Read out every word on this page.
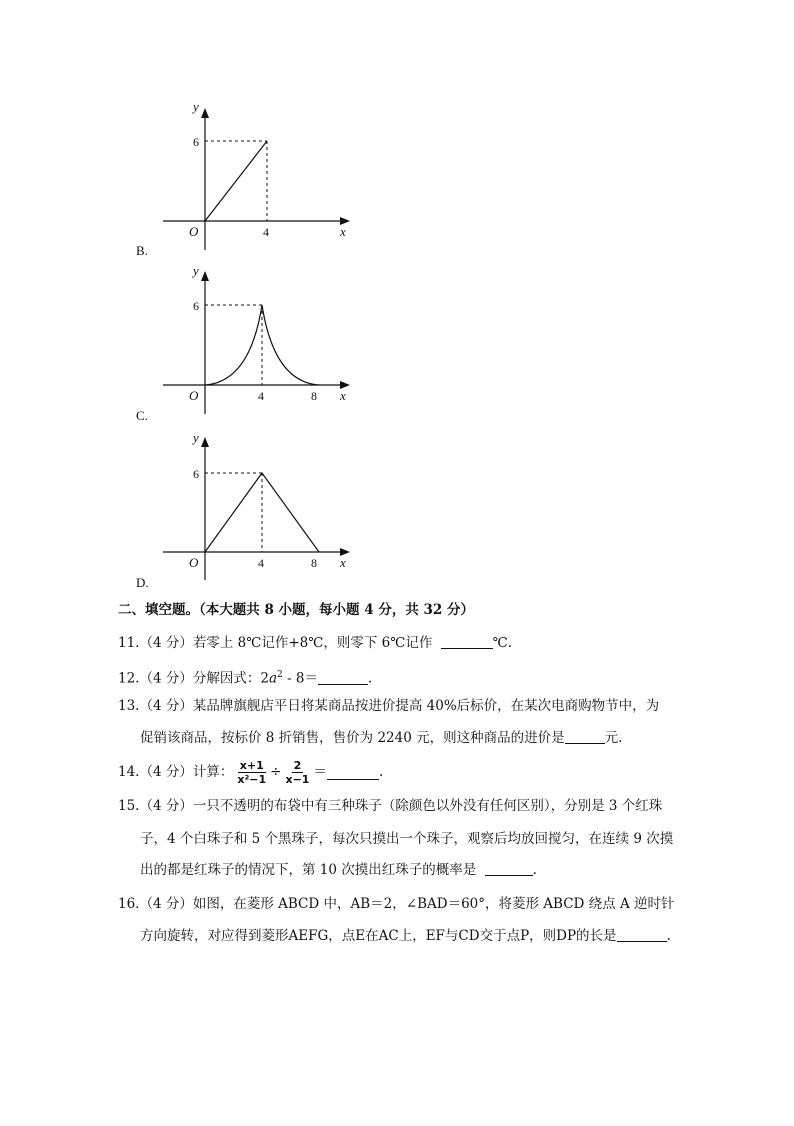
y
x
O
6
4
B.
y
x
O
6
4	8
C.
y
x
O
6
4	8
D.
二、填空题。（本大题共 8 小题，每小题 4 分，共 32 分）
11.（4 分）若零上 8℃记作+8℃，则零下 6℃记作	℃.
12.（4 分）分解因式：$2a^2 - 8=$	.
13.（4 分）某品牌旗舰店平日将某商品按进价提高 40%后标价，在某次电商购物节中，为
促销该商品，按标价 8 折销售，售价为 2240 元，则这种商品的进价是	元.
14.（4 分）计算： $\frac{x+1}{\text{x²−1}} \div \frac{2}{x-1}$ ＝	.
15.（4 分）一只不透明的布袋中有三种珠子（除颜色以外没有任何区别），分别是 3 个红珠
子，4 个白珠子和 5 个黑珠子，每次只摸出一个珠子，观察后均放回搅匀，在连续 9 次摸
出的都是红珠子的情况下，第 10 次摸出红珠子的概率是	.
16.（4 分）如图，在菱形 ABCD 中，AB＝2，∠BAD＝60°，将菱形 ABCD 绕点 A 逆时针
方向旋转，对应得到菱形AEFG，点E在AC上，EF与CD交于点P，则DP的长是	.
